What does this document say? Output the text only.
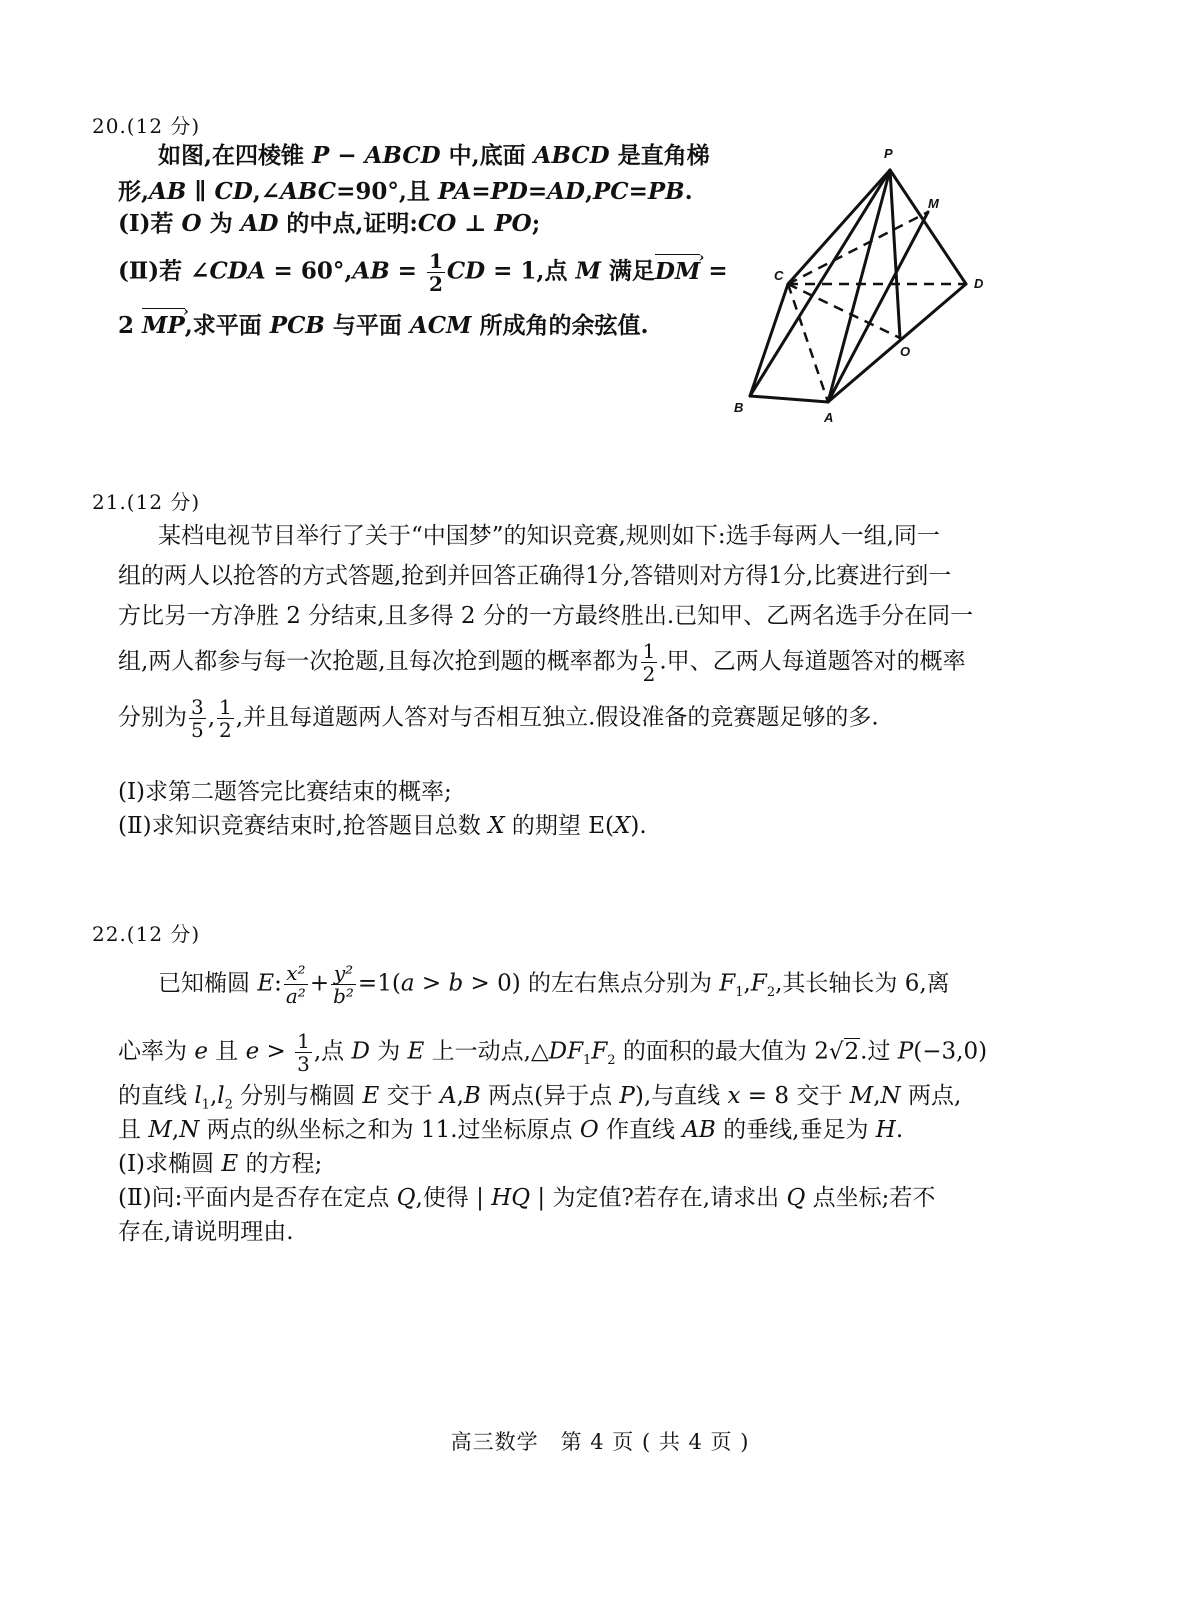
20.(12 分)
如图,在四棱锥 P − ABCD 中,底面 ABCD 是直角梯
形,AB ∥ CD,∠ABC=90°,且 PA=PD=AD,PC=PB.
(Ⅰ)若 O 为 AD 的中点,证明:CO ⊥ PO;
(Ⅱ)若 ∠CDA = $60^\circ,AB = \frac{1}{2}$ CD = 1,点 M 满足DM › =
2 MP ›,求平面 PCB 与平面 ACM 所成角的余弦值.
P
M
C
D
O
B
A
21.(12 分)
某档电视节目举行了关于“中国梦”的知识竞赛,规则如下:选手每两人一组,同一
组的两人以抢答的方式答题,抢到并回答正确得1分,答错则对方得1分,比赛进行到一
方比另一方净胜 2 分结束,且多得 2 分的一方最终胜出.已知甲、乙两名选手分在同一
组,两人都参与每一次抢题,且每次抢到题的概率都为 $\frac{1}{2}$ .甲、乙两人每道题答对的概率
分别为 $\frac{3}{5}$ , $\frac{1}{2}$ ,并且每道题两人答对与否相互独立.假设准备的竞赛题足够的多.
(Ⅰ)求第二题答完比赛结束的概率;
(Ⅱ)求知识竞赛结束时,抢答题目总数 X 的期望 E(X).
22.(12 分)
已知椭圆 E: $\frac{\text{x²}}{\text{a²}} + \frac{\text{y²}}{\text{b²}} =1(a > b > 0)$ 的左右焦点分别为 $F_1,F_2$,其长轴长为 6,离
心率为 e 且 $e > \frac{1}{3}$ ,点 D 为 E 上一动点$,\triangle DF_1F_2$ 的面积的最大值为 2√2.过 P(−3,0)
的直线 $l_1,l_2$ 分别与椭圆 E 交于 A,B 两点(异于点 P),与直线 x = 8 交于 M,N 两点,
且 M,N 两点的纵坐标之和为 11.过坐标原点 O 作直线 AB 的垂线,垂足为 H.
(Ⅰ)求椭圆 E 的方程;
(Ⅱ)问:平面内是否存在定点 Q,使得 | HQ | 为定值?若存在,请求出 Q 点坐标;若不
存在,请说明理由.
高三数学　第 4 页 ( 共 4 页 )
